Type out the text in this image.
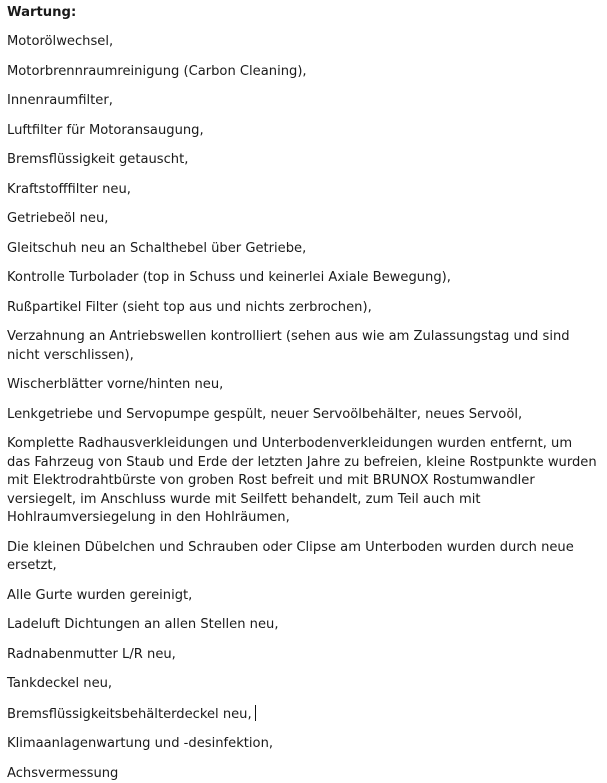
Wartung:
Motorölwechsel,
Motorbrennraumreinigung (Carbon Cleaning),
Innenraumfilter,
Luftfilter für Motoransaugung,
Bremsflüssigkeit getauscht,
Kraftstofffilter neu,
Getriebeöl neu,
Gleitschuh neu an Schalthebel über Getriebe,
Kontrolle Turbolader (top in Schuss und keinerlei Axiale Bewegung),
Rußpartikel Filter (sieht top aus und nichts zerbrochen),
Verzahnung an Antriebswellen kontrolliert (sehen aus wie am Zulassungstag und sind nicht verschlissen),
Wischerblätter vorne/hinten neu,
Lenkgetriebe und Servopumpe gespült, neuer Servoölbehälter, neues Servoöl,
Komplette Radhausverkleidungen und Unterbodenverkleidungen wurden entfernt, um das Fahrzeug von Staub und Erde der letzten Jahre zu befreien, kleine Rostpunkte wurden mit Elektrodrahtbürste von groben Rost befreit und mit BRUNOX Rostumwandler versiegelt, im Anschluss wurde mit Seilfett behandelt, zum Teil auch mit Hohlraumversiegelung in den Hohlräumen,
Die kleinen Dübelchen und Schrauben oder Clipse am Unterboden wurden durch neue ersetzt,
Alle Gurte wurden gereinigt,
Ladeluft Dichtungen an allen Stellen neu,
Radnabenmutter L/R neu,
Tankdeckel neu,
Bremsflüssigkeitsbehälterdeckel neu,
Klimaanlagenwartung und -desinfektion,
Achsvermessung
